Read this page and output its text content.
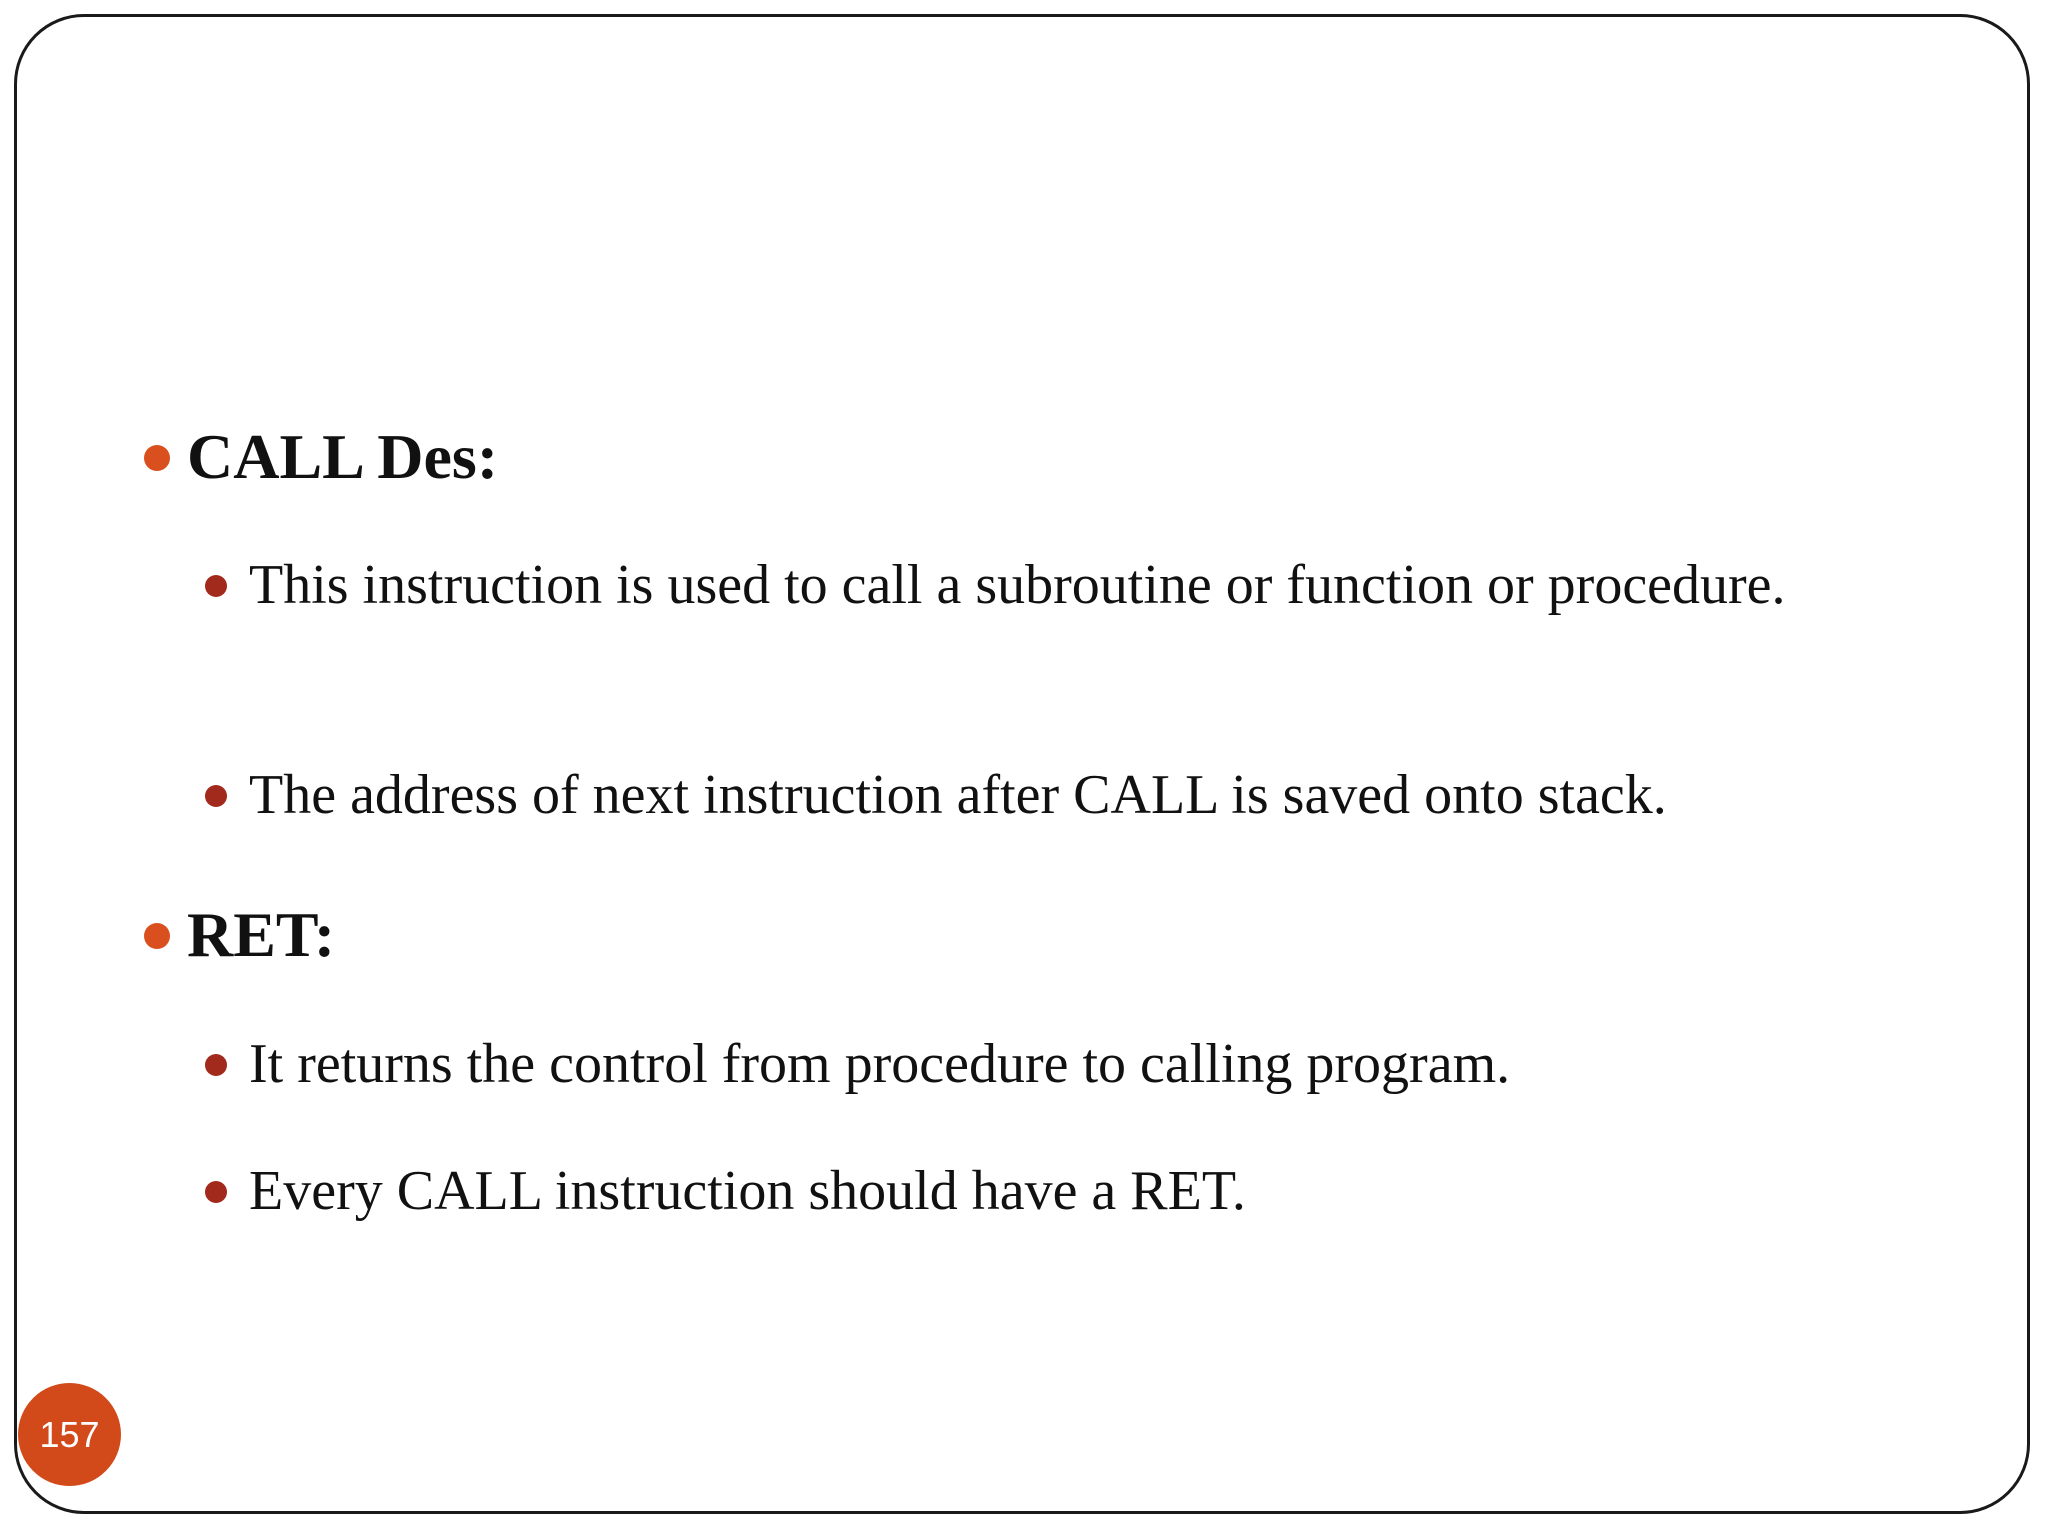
CALL Des:
This instruction is used to call a subroutine or function or procedure.
The address of next instruction after CALL is saved onto stack.
RET:
It returns the control from procedure to calling program.
Every CALL instruction should have a RET.
157
